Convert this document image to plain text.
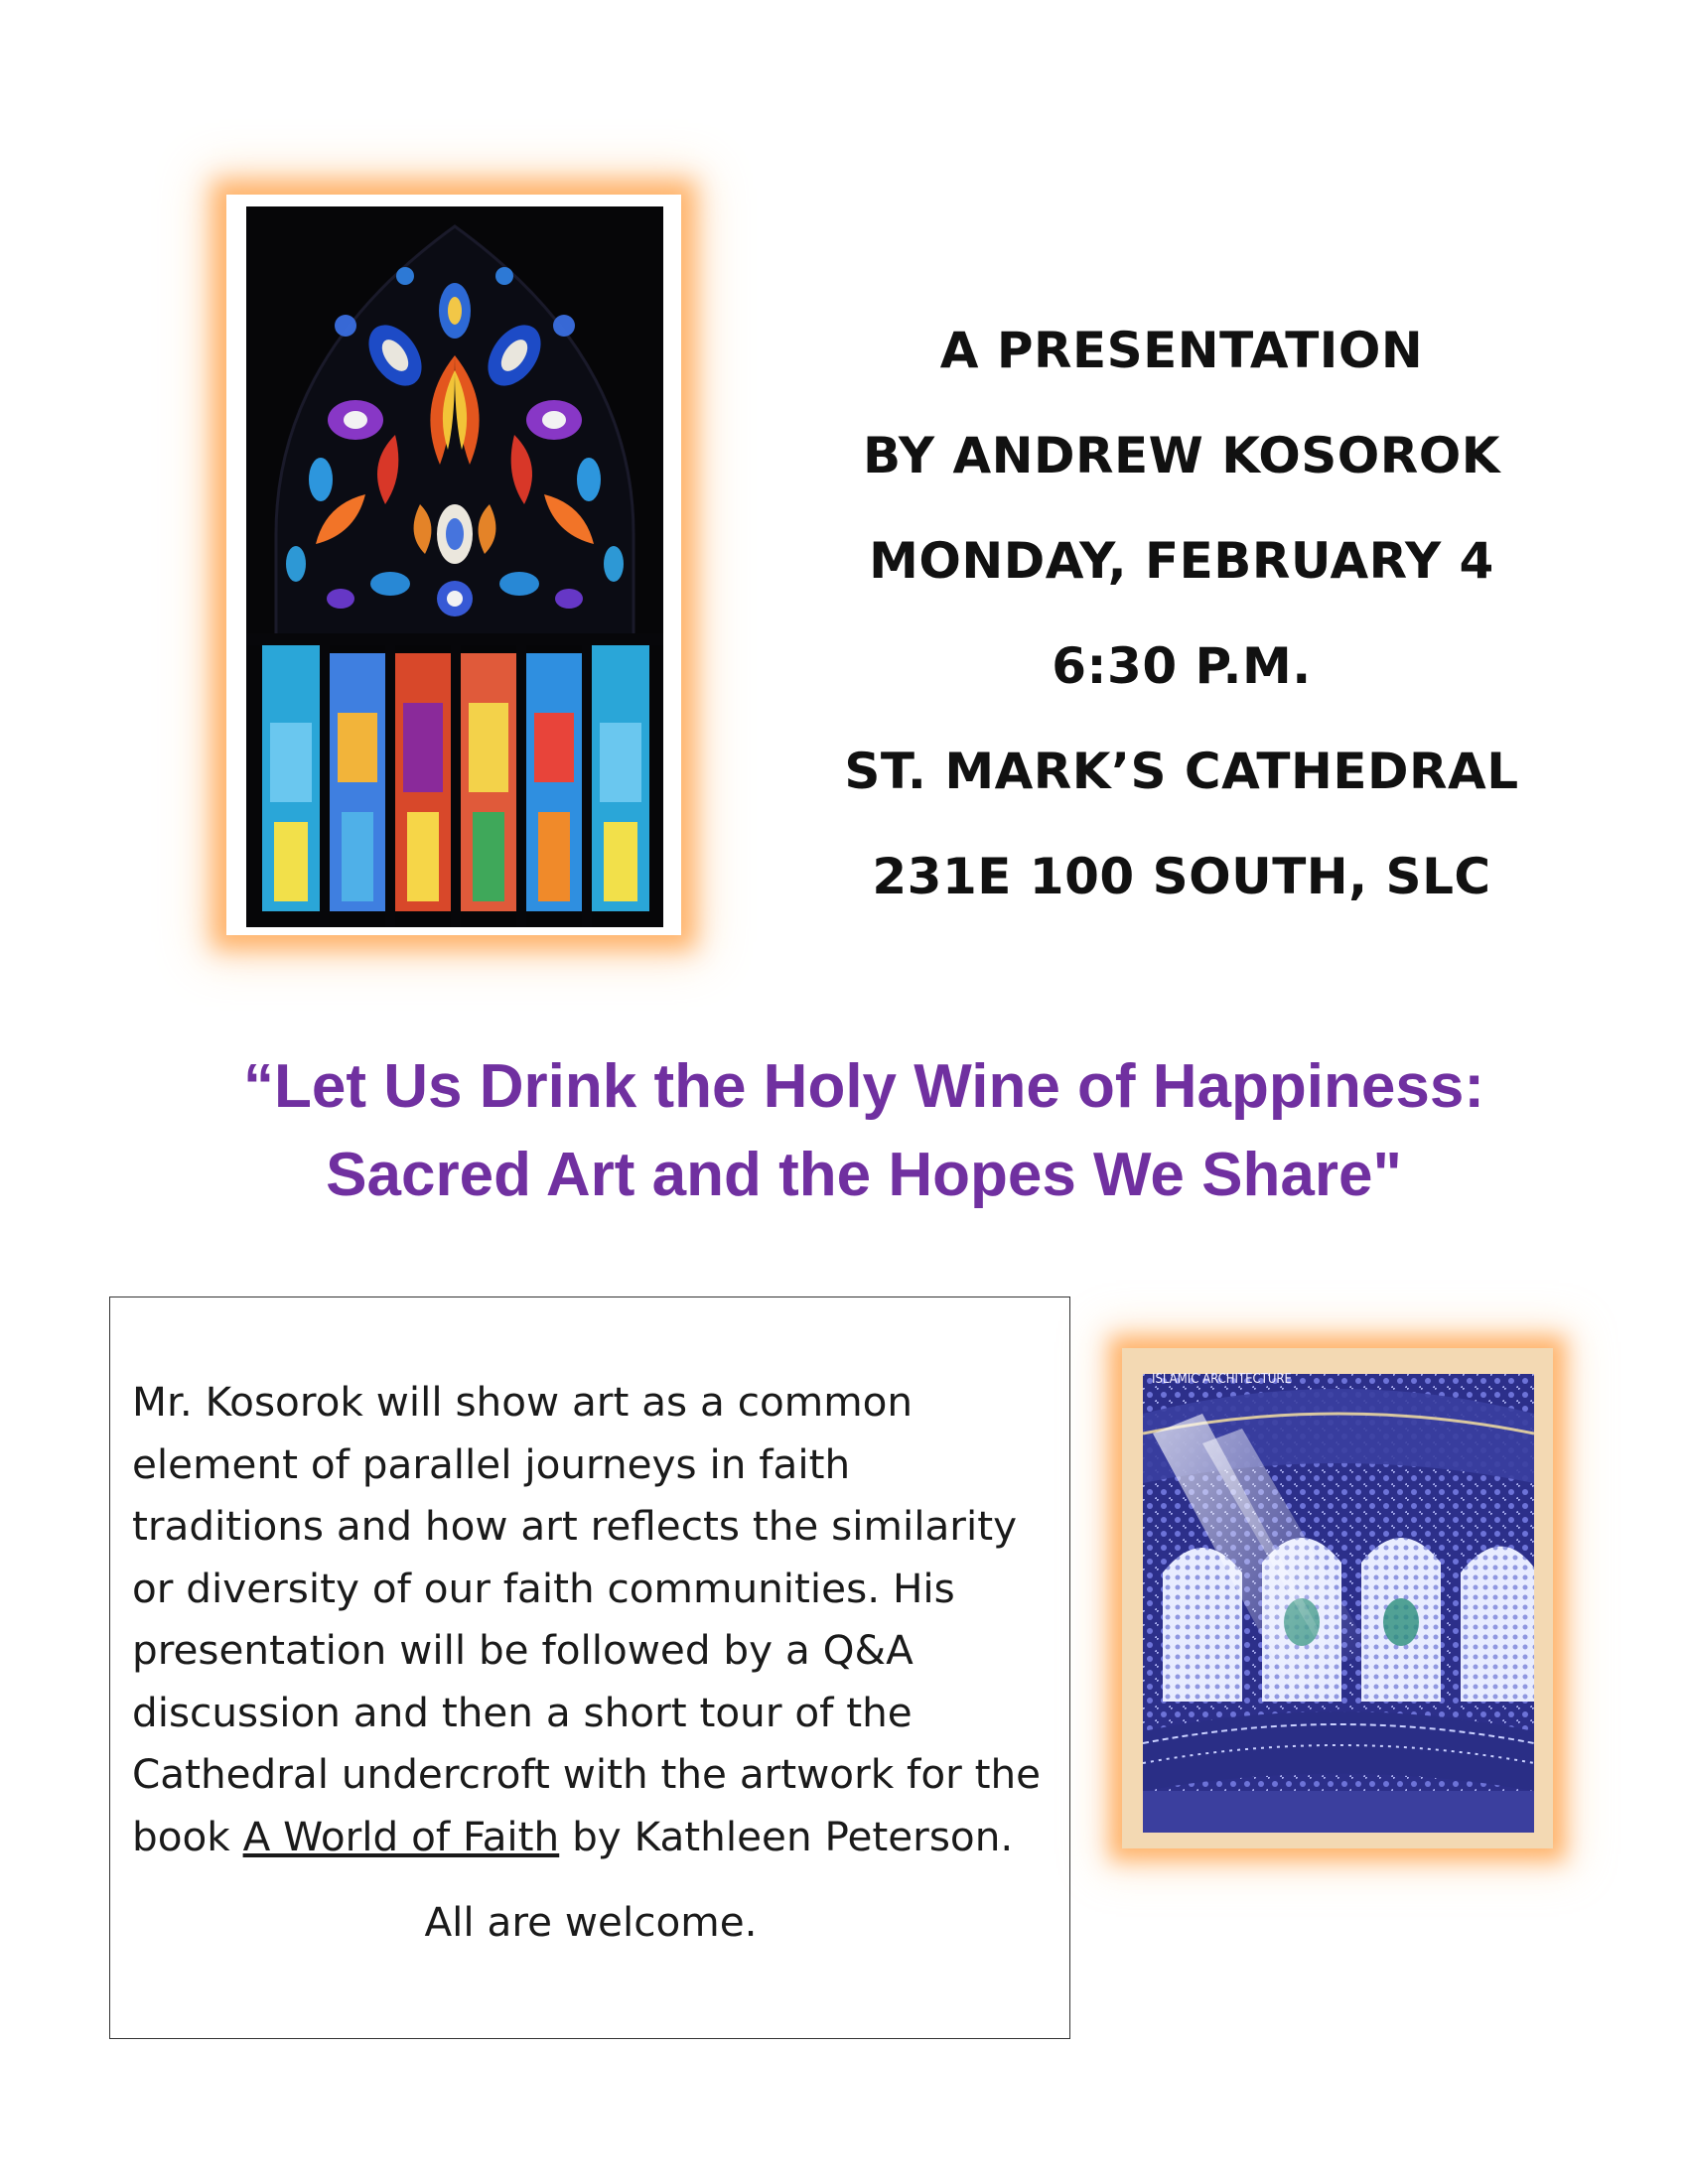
A PRESENTATION
BY ANDREW KOSOROK
MONDAY, FEBRUARY 4
6:30 P.M.
ST. MARK’S CATHEDRAL
231E 100 SOUTH, SLC
“Let Us Drink the Holy Wine of Happiness:
Sacred Art and the Hopes We Share"

Mr. Kosorok will show art as a common element of parallel journeys in faith traditions and how art reflects the similarity or diversity of our faith communities. His presentation will be followed by a Q&A discussion and then a short tour of the Cathedral undercroft with the artwork for the book A World of Faith by Kathleen Peterson.

All are welcome.

ISLAMIC ARCHITECTURE
